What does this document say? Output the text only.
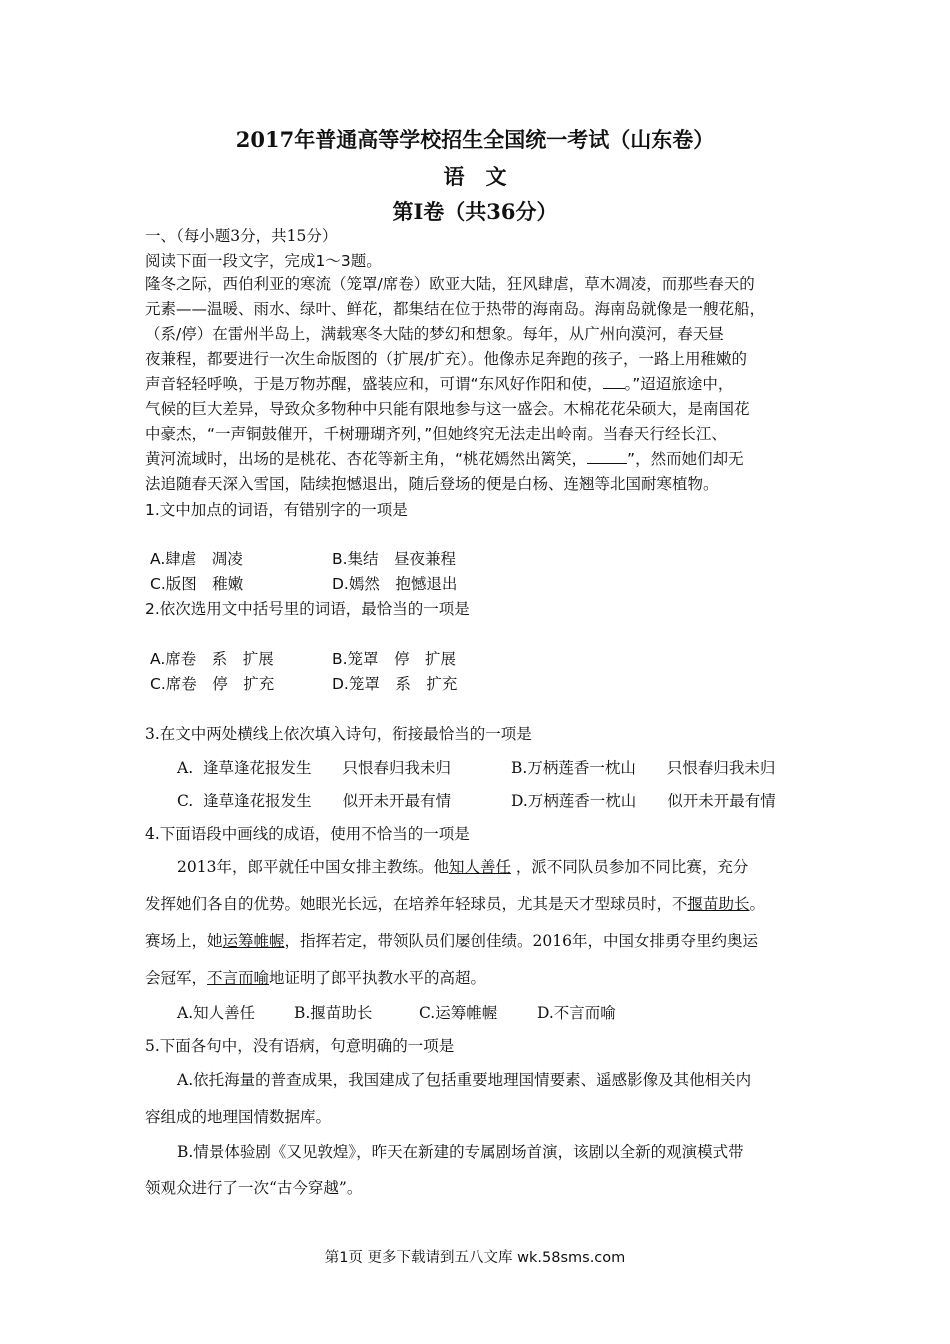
2017年普通高等学校招生全国统一考试（山东卷）
语　文
第Ⅰ卷（共36分）
一、（每小题3分，共15分）
阅读下面一段文字，完成1～3题。
隆冬之际，西伯利亚的寒流（笼罩/席卷）欧亚大陆，狂风肆虐，草木凋凌，而那些春天的
元素——温暖、雨水、绿叶、鲜花，都集结在位于热带的海南岛。海南岛就像是一艘花船，
（系/停）在雷州半岛上，满载寒冬大陆的梦幻和想象。每年，从广州向漠河，春天昼
夜兼程，都要进行一次生命版图的（扩展/扩充）。他像赤足奔跑的孩子，一路上用稚嫩的
声音轻轻呼唤，于是万物苏醒，盛装应和，可谓“东风好作阳和使， 。”迢迢旅途中，
气候的巨大差异，导致众多物种中只能有限地参与这一盛会。木棉花花朵硕大，是南国花
中豪杰，“一声铜鼓催开，千树珊瑚齐列，”但她终究无法走出岭南。当春天行经长江、
黄河流域时，出场的是桃花、杏花等新主角，“桃花嫣然出篱笑，	”，然而她们却无
法追随春天深入雪国，陆续抱憾退出，随后登场的便是白杨、连翘等北国耐寒植物。
1.文中加点的词语，有错别字的一项是
A.肆虐　凋凌	B.集结　昼夜兼程
C.版图　稚嫩	D.嫣然　抱憾退出
2.依次选用文中括号里的词语，最恰当的一项是
A.席卷　系　扩展	B.笼罩　停　扩展
C.席卷　停　扩充	D.笼罩　系　扩充
3.在文中两处横线上依次填入诗句，衔接最恰当的一项是
A. 逢草逢花报发生　　只恨春归我未归	B.万柄莲香一枕山　　只恨春归我未归
C. 逢草逢花报发生　　似开未开最有情	D.万柄莲香一枕山　　似开未开最有情
4.下面语段中画线的成语，使用不恰当的一项是
2013年，郎平就任中国女排主教练。他知人善任 ，派不同队员参加不同比赛，充分
发挥她们各自的优势。她眼光长远，在培养年轻球员，尤其是天才型球员时，不揠苗助长。
赛场上，她运筹帷幄，指挥若定，带领队员们屡创佳绩。2016年，中国女排勇夺里约奥运
会冠军，不言而喻地证明了郎平执教水平的高超。
A.知人善任	B.揠苗助长	C.运筹帷幄	D.不言而喻
5.下面各句中，没有语病，句意明确的一项是
A.依托海量的普查成果，我国建成了包括重要地理国情要素、遥感影像及其他相关内
容组成的地理国情数据库。
B.情景体验剧《又见敦煌》，昨天在新建的专属剧场首演，该剧以全新的观演模式带
领观众进行了一次“古今穿越”。
第1页 更多下载请到五八文库 wk.58sms.com
